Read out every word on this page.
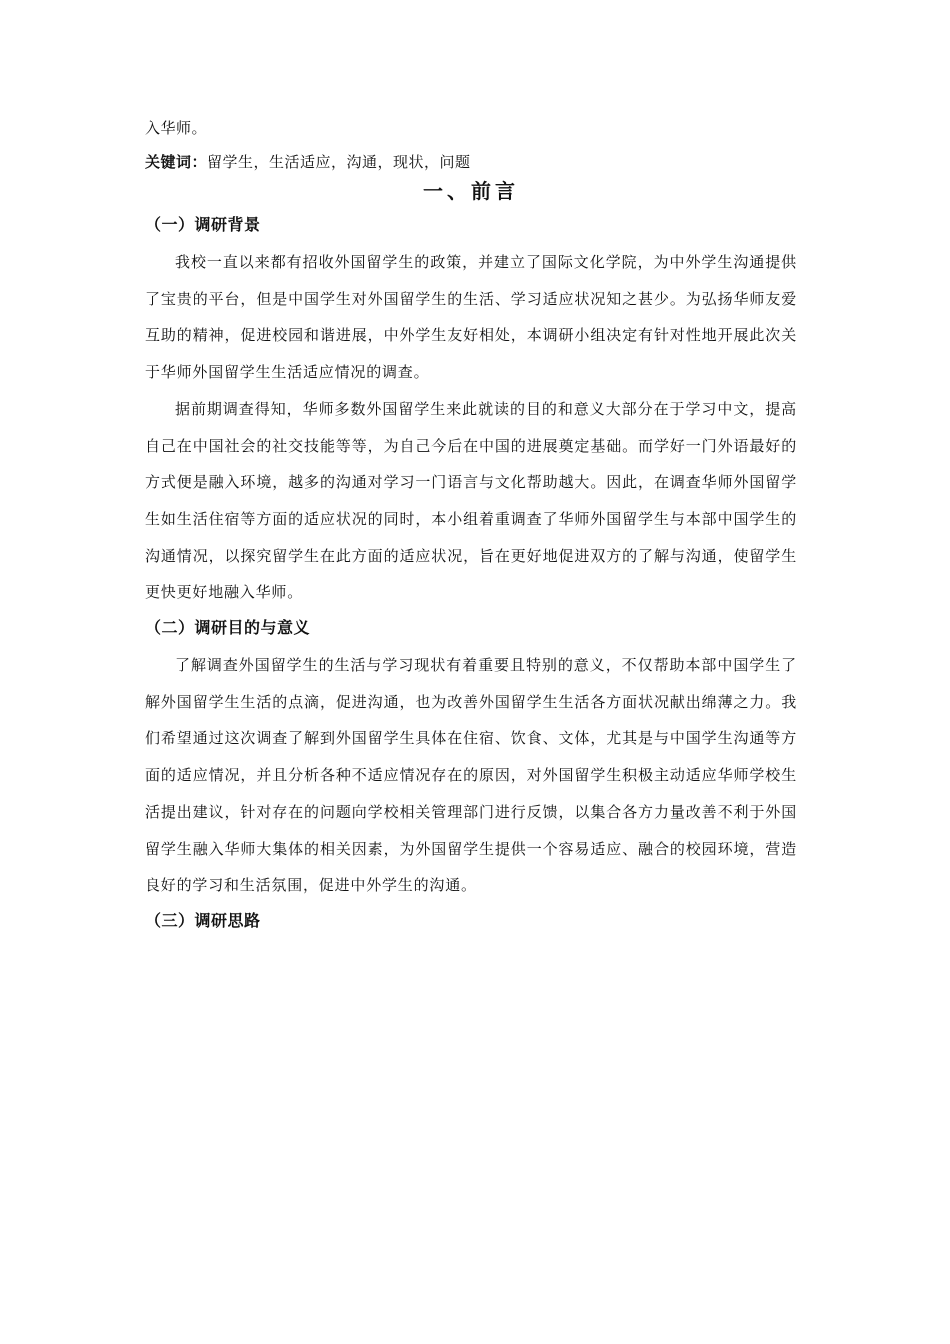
入华师。

关键词：留学生，生活适应，沟通，现状，问题

一、前言
（一）调研背景

我校一直以来都有招收外国留学生的政策，并建立了国际文化学院，为中外学生沟通提供了宝贵的平台，但是中国学生对外国留学生的生活、学习适应状况知之甚少。为弘扬华师友爱互助的精神，促进校园和谐进展，中外学生友好相处，本调研小组决定有针对性地开展此次关于华师外国留学生生活适应情况的调查。

据前期调查得知，华师多数外国留学生来此就读的目的和意义大部分在于学习中文，提高自己在中国社会的社交技能等等，为自己今后在中国的进展奠定基础。而学好一门外语最好的方式便是融入环境，越多的沟通对学习一门语言与文化帮助越大。因此，在调查华师外国留学生如生活住宿等方面的适应状况的同时，本小组着重调查了华师外国留学生与本部中国学生的沟通情况，以探究留学生在此方面的适应状况，旨在更好地促进双方的了解与沟通，使留学生更快更好地融入华师。

（二）调研目的与意义

了解调查外国留学生的生活与学习现状有着重要且特别的意义，不仅帮助本部中国学生了解外国留学生生活的点滴，促进沟通，也为改善外国留学生生活各方面状况献出绵薄之力。我们希望通过这次调查了解到外国留学生具体在住宿、饮食、文体，尤其是与中国学生沟通等方面的适应情况，并且分析各种不适应情况存在的原因，对外国留学生积极主动适应华师学校生活提出建议，针对存在的问题向学校相关管理部门进行反馈，以集合各方力量改善不利于外国留学生融入华师大集体的相关因素，为外国留学生提供一个容易适应、融合的校园环境，营造良好的学习和生活氛围，促进中外学生的沟通。

（三）调研思路
